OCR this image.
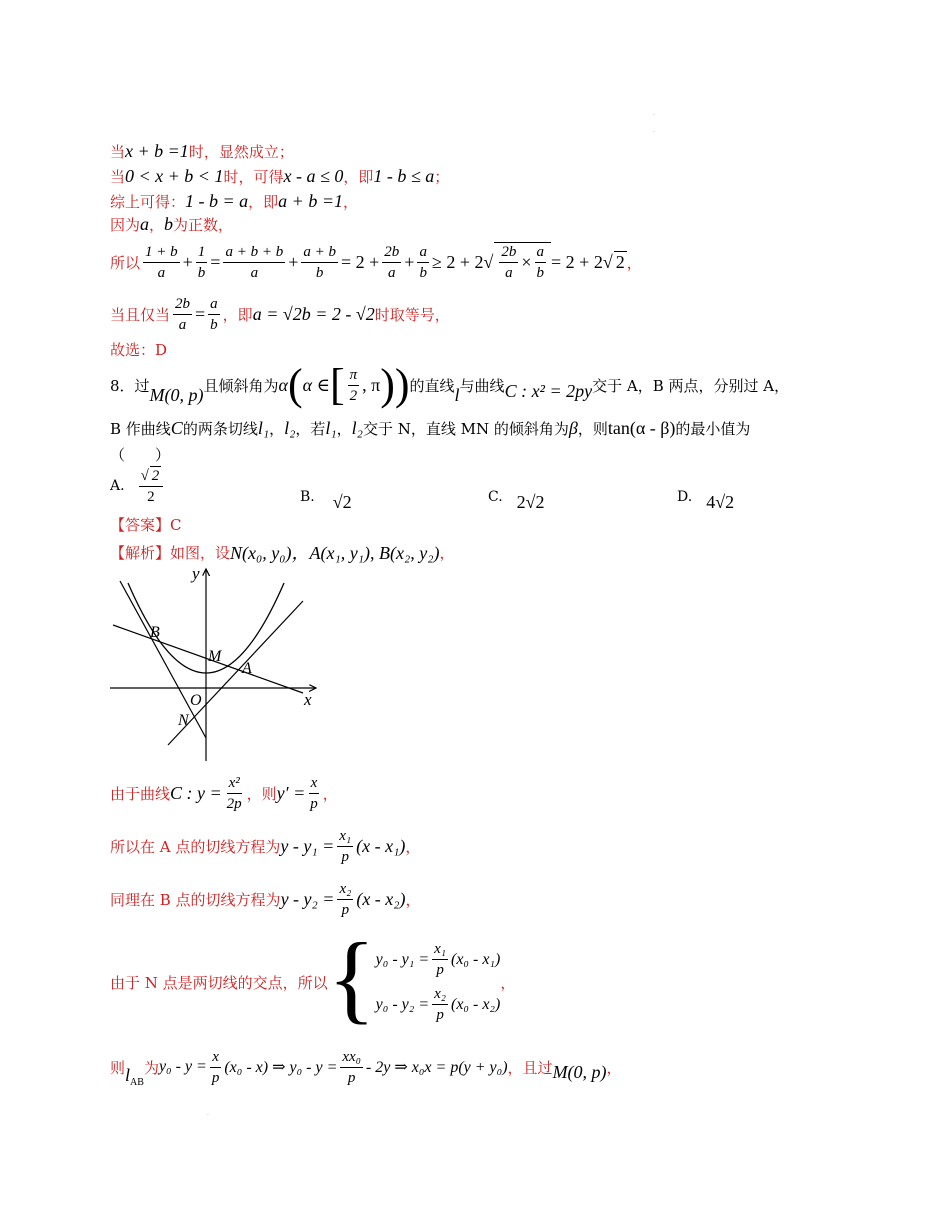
.
.
.
当 x + b =1 时，显然成立；
当 0 < x + b < 1 时，可得 x - a ≤ 0 ，即 1 - b ≤ a ；
综上可得： 1 - b = a ，即 a + b =1 ，
因为 a ， b 为正数，
所以 $\frac{1 + b}{a} + \frac{1}{b} = \frac{a + b + b}{a} + \frac{a + b}{b} = 2 + \frac{2b}{a} + \frac{a}{b} \ge 2 + 2√ \frac{2b}{a} \times \frac{a}{b} = 2 + 2√$ 2 ，
当且仅当 $\frac{2b}{a} = \frac{a}{b}$ ，即 a = √2b = 2 - √2 时取等号，
故选：D
8．过 M(0, p) 且倾斜角为 α ( α ∈ [ $\frac{\pi}{2}$ , π ) ) 的直线 l 与曲线 C : x² = 2py 交于 A，B 两点，分别过 A，
B 作曲线 C 的两条切线 l₁ ， l₂ ，若 l₁ ， l₂ 交于 N，直线 MN 的倾斜角为 β ，则 tan(α - β) 的最小值为
（　　）
A. $\frac{√ 2}{2}$	B. √2	C. 2√2	D. 4√2
【答案】 C
【解析】 如图，设 N(x₀, y₀)，A(x₁, y₁), B(x₂, y₂) ，
y
x
B
M
A
O
N
由于曲线 C : $y = \frac{\text{x²}}{2p}$ ，则 $y' = \frac{x}{p}$ ，
所以在 A 点的切线方程为 $y - y_1 = \frac{\text{x₁}}{p} (x - x_1)$ ，
同理在 B 点的切线方程为 $y - y_2 = \frac{\text{x₂}}{p} (x - x_2)$ ，
由于 N 点是两切线的交点，所以 { $y_0 - y_1 = \frac{\text{x₁}}{p} (x_0 - x_1)$
$y_0 - y_2 = \frac{\text{x₂}}{p} (x_0 - x_2)$
，
则 $l_{AB}$
为 $y_0 - y = \frac{x}{p} (x_0 - x)$ ⇒ $y_0 - y = \frac{\text{xx₀}}{p} - 2y$ ⇒ x₀x = p(y + y₀) ，且过 M(0, p) ，
